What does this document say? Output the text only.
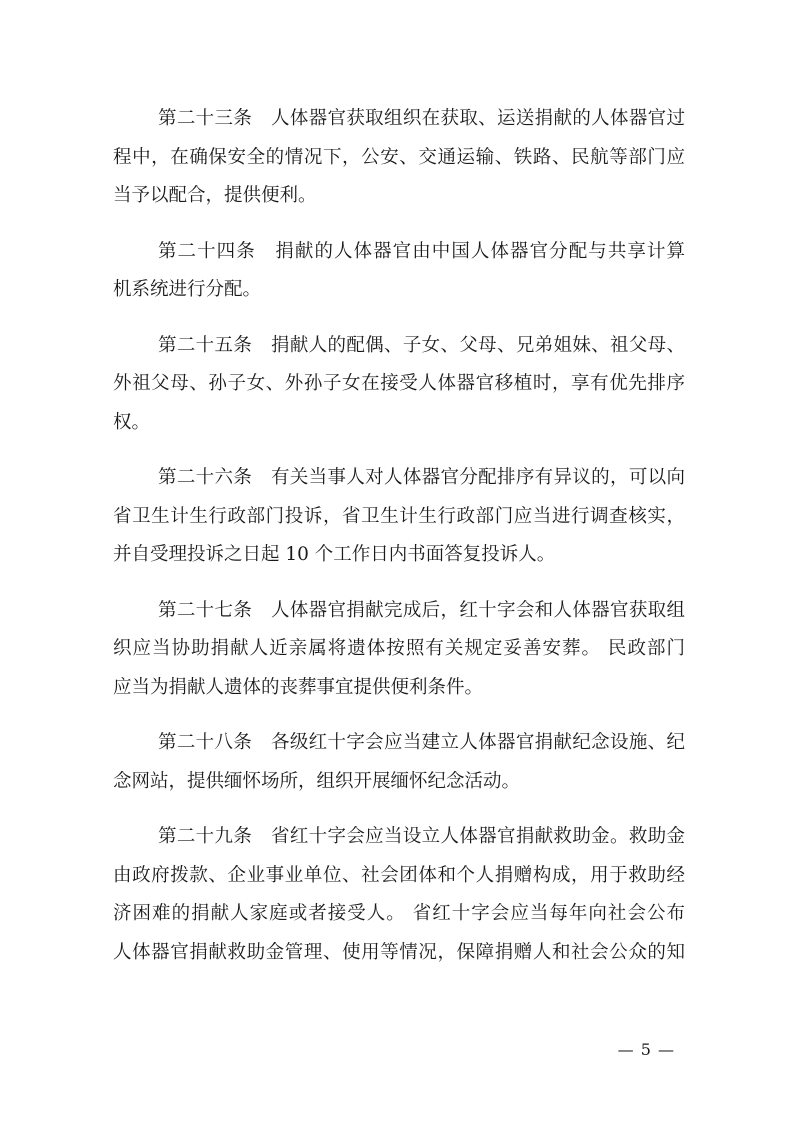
第二十三条　人体器官获取组织在获取、运送捐献的人体器官过
程中，在确保安全的情况下，公安、交通运输、铁路、民航等部门应
当予以配合，提供便利。
第二十四条　捐献的人体器官由中国人体器官分配与共享计算
机系统进行分配。
第二十五条　捐献人的配偶、子女、父母、兄弟姐妹、祖父母、
外祖父母、孙子女、外孙子女在接受人体器官移植时，享有优先排序
权。
第二十六条　有关当事人对人体器官分配排序有异议的，可以向
省卫生计生行政部门投诉，省卫生计生行政部门应当进行调查核实，
并自受理投诉之日起 10 个工作日内书面答复投诉人。
第二十七条　人体器官捐献完成后，红十字会和人体器官获取组
织应当协助捐献人近亲属将遗体按照有关规定妥善安葬。 民政部门
应当为捐献人遗体的丧葬事宜提供便利条件。
第二十八条　各级红十字会应当建立人体器官捐献纪念设施、纪
念网站，提供缅怀场所，组织开展缅怀纪念活动。
第二十九条　省红十字会应当设立人体器官捐献救助金。救助金
由政府拨款、企业事业单位、社会团体和个人捐赠构成，用于救助经
济困难的捐献人家庭或者接受人。 省红十字会应当每年向社会公布
人体器官捐献救助金管理、使用等情况，保障捐赠人和社会公众的知
— 5 —
